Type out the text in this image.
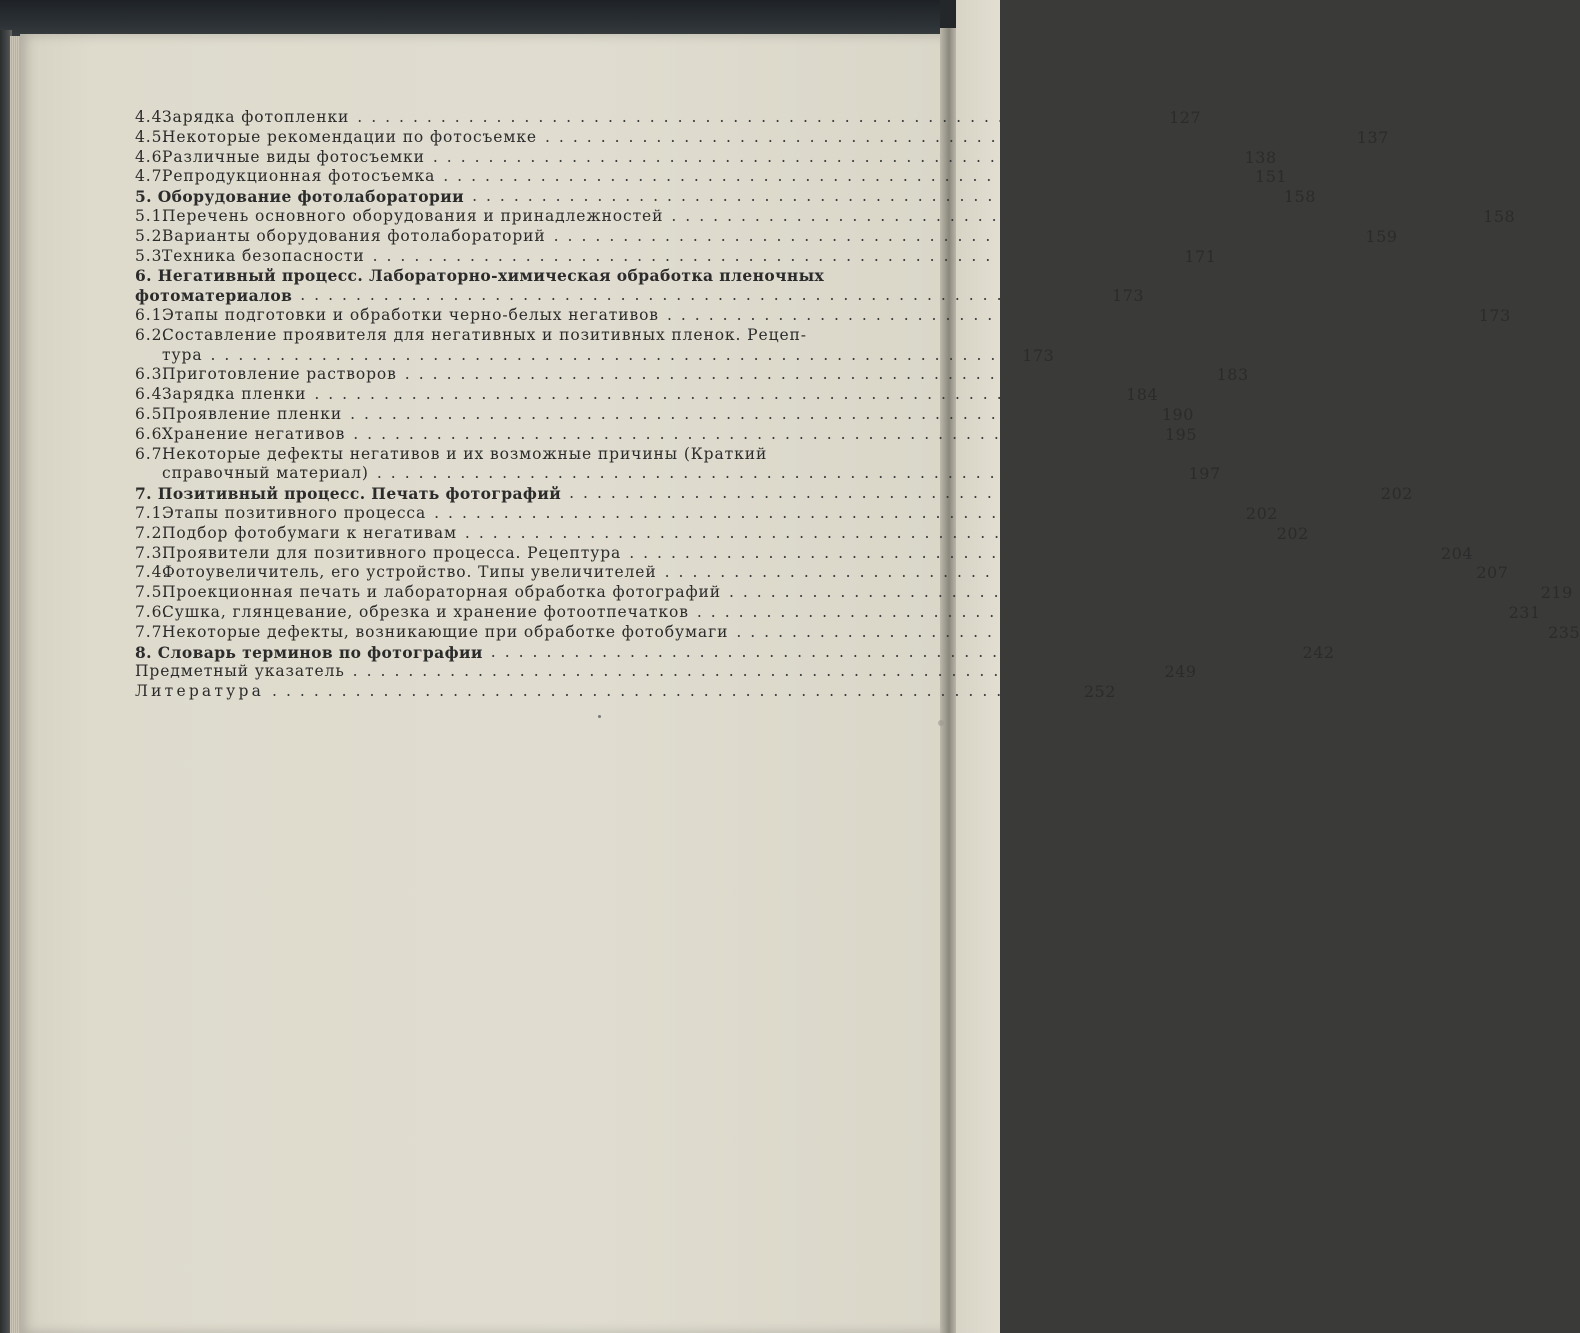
4.4.
Зарядка фотопленки .......................................................... 127
4.5.
Некоторые рекомендации по фотосъемке .......................................................... 137
4.6.
Различные виды фотосъемки .......................................................... 138
4.7.
Репродукционная фотосъемка .......................................................... 151
5. Оборудование фотолаборатории .......................................................... 158
5.1.
Перечень основного оборудования и принадлежностей .......................................................... 158
5.2.
Варианты оборудования фотолабораторий .......................................................... 159
5.3.
Техника безопасности .......................................................... 171
6. Негативный процесс. Лабораторно-химическая обработка пленочных
фотоматериалов .......................................................... 173
6.1.
Этапы подготовки и обработки черно-белых негативов .......................................................... 173
6.2.
Составление проявителя для негативных и позитивных пленок. Рецеп-
тура .......................................................... 173
6.3.
Приготовление растворов .......................................................... 183
6.4.
Зарядка пленки .......................................................... 184
6.5.
Проявление пленки .......................................................... 190
6.6.
Хранение негативов .......................................................... 195
6.7.
Некоторые дефекты негативов и их возможные причины (Краткий
справочный материал) .......................................................... 197
7. Позитивный процесс. Печать фотографий .......................................................... 202
7.1.
Этапы позитивного процесса .......................................................... 202
7.2 Подбор фотобумаги к негативам .......................................................... 202
7.3.
Проявители для позитивного процесса. Рецептура .......................................................... 204
7.4.
Фотоувеличитель, его устройство. Типы увеличителей .......................................................... 207
7.5.
Проекционная печать и лабораторная обработка фотографий .......................................................... 219
7.6.
Сушка, глянцевание, обрезка и хранение фотоотпечатков .......................................................... 231
7.7.
Некоторые дефекты, возникающие при обработке фотобумаги .......................................................... 235
8. Словарь терминов по фотографии .......................................................... 242
Предметный указатель .......................................................... 249
Литература .......................................................... 252
